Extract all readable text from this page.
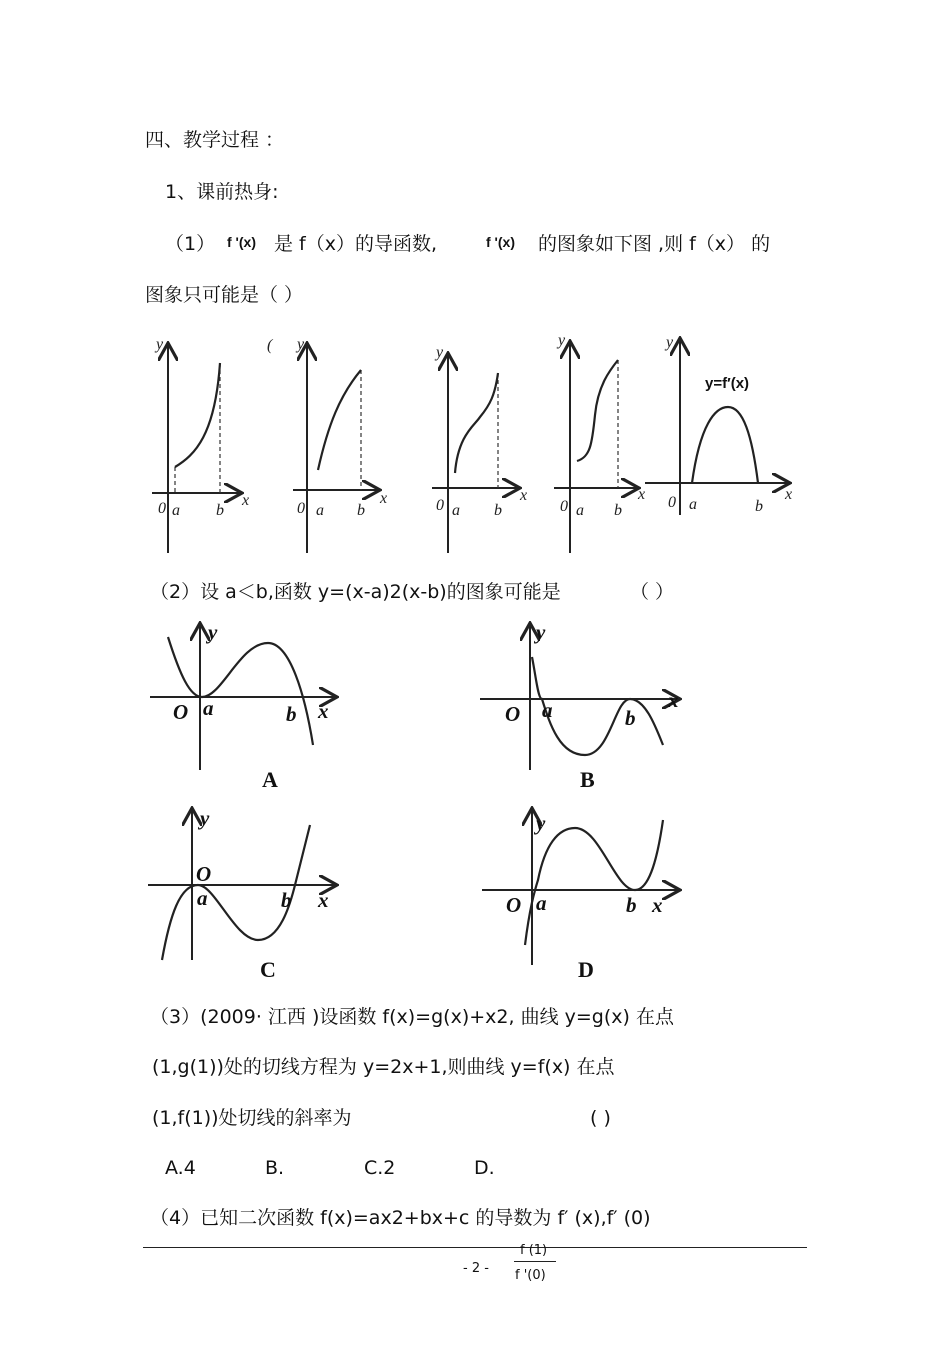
四、教学过程 ：
1、课前热身:
（1） f '(x) 是 f（x）的导函数,	f '(x) 的图象如下图 ,则 f（x） 的
图象只可能是（ ）
y
x
0 a b
( y
x
0 a b
y
x
0 a b
y
x
0 a b
y
x
0 a	b
y=f′(x)
（2）设 a＜b,函数 y=(x-a)2(x-b)的图象可能是	（ ）
y
x
O a	b
A
y
x
O a	b
B
y
x
O
a	b
C
y
x
O a	b
D
（3）(2009· 江西 )设函数 f(x)=g(x)+x2, 曲线 y=g(x) 在点
(1,g(1))处的切线方程为 y=2x+1,则曲线 y=f(x) 在点
(1,f(1))处切线的斜率为	( )
A.4	B.	C.2	D.
（4）已知二次函数 f(x)=ax2+bx+c 的导数为 f′ (x),f′ (0)
- 2 -
f (1)
f '(0)
